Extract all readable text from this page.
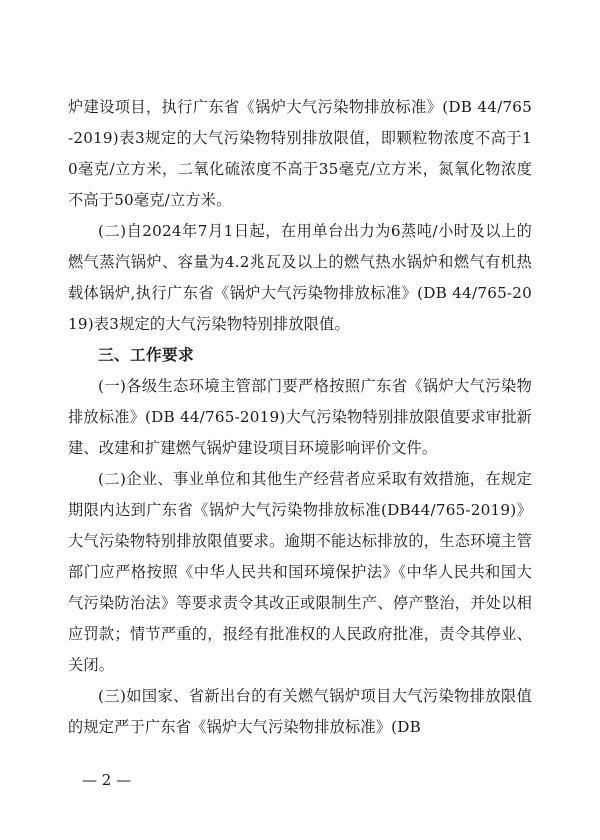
炉建设项目，执行广东省《锅炉大气污染物排放标准》(DB 44/765-2019)表3规定的大气污染物特别排放限值，即颗粒物浓度不高于10毫克/立方米，二氧化硫浓度不高于35毫克/立方米，氮氧化物浓度不高于50毫克/立方米。

(二)自2024年7月1日起，在用单台出力为6蒸吨/小时及以上的燃气蒸汽锅炉、容量为4.2兆瓦及以上的燃气热水锅炉和燃气有机热载体锅炉,执行广东省《锅炉大气污染物排放标准》(DB 44/765-2019)表3规定的大气污染物特别排放限值。

三、工作要求

(一)各级生态环境主管部门要严格按照广东省《锅炉大气污染物排放标准》(DB 44/765-2019)大气污染物特别排放限值要求审批新建、改建和扩建燃气锅炉建设项目环境影响评价文件。

(二)企业、事业单位和其他生产经营者应采取有效措施，在规定期限内达到广东省《锅炉大气污染物排放标准(DB44/765-2019)》大气污染物特别排放限值要求。逾期不能达标排放的，生态环境主管部门应严格按照《中华人民共和国环境保护法》《中华人民共和国大气污染防治法》等要求责令其改正或限制生产、停产整治，并处以相应罚款；情节严重的，报经有批准权的人民政府批准，责令其停业、关闭。

(三)如国家、省新出台的有关燃气锅炉项目大气污染物排放限值的规定严于广东省《锅炉大气污染物排放标准》(DB

— 2 —
